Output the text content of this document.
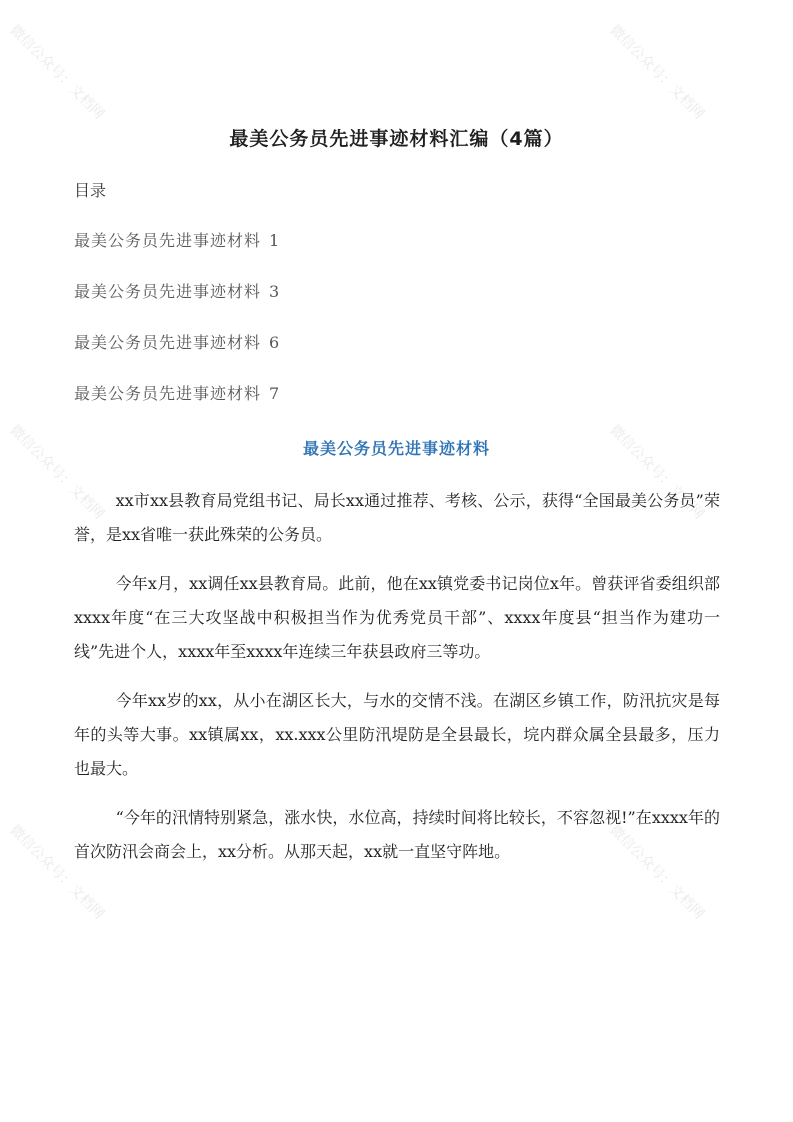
微信公众号：文档网	微信公众号：文档网
微信公众号：文档网	微信公众号：文档网
微信公众号：文档网	微信公众号：文档网
最美公务员先进事迹材料汇编（4篇）
目录
最美公务员先进事迹材料 1
最美公务员先进事迹材料 3
最美公务员先进事迹材料 6
最美公务员先进事迹材料 7
最美公务员先进事迹材料

xx市xx县教育局党组书记、局长xx通过推荐、考核、公示，获得“全国最美公务员”荣誉，是xx省唯一获此殊荣的公务员。

今年x月，xx调任xx县教育局。此前，他在xx镇党委书记岗位x年。曾获评省委组织部xxxx年度“在三大攻坚战中积极担当作为优秀党员干部”、xxxx年度县“担当作为建功一线”先进个人，xxxx年至xxxx年连续三年获县政府三等功。

今年xx岁的xx，从小在湖区长大，与水的交情不浅。在湖区乡镇工作，防汛抗灾是每年的头等大事。xx镇属xx，xx.xxx公里防汛堤防是全县最长，垸内群众属全县最多，压力也最大。

“今年的汛情特别紧急，涨水快，水位高，持续时间将比较长，不容忽视!”在xxxx年的首次防汛会商会上，xx分析。从那天起，xx就一直坚守阵地。
